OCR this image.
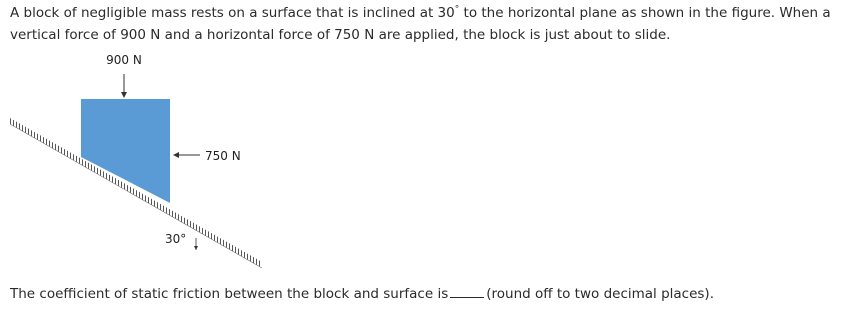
A block of negligible mass rests on a surface that is inclined at 30° to the horizontal plane as shown in the figure. When a vertical force of 900 N and a horizontal force of 750 N are applied, the block is just about to slide.
900 N
750 N
30°
The coefficient of static friction between the block and surface is	(round off to two decimal places).
